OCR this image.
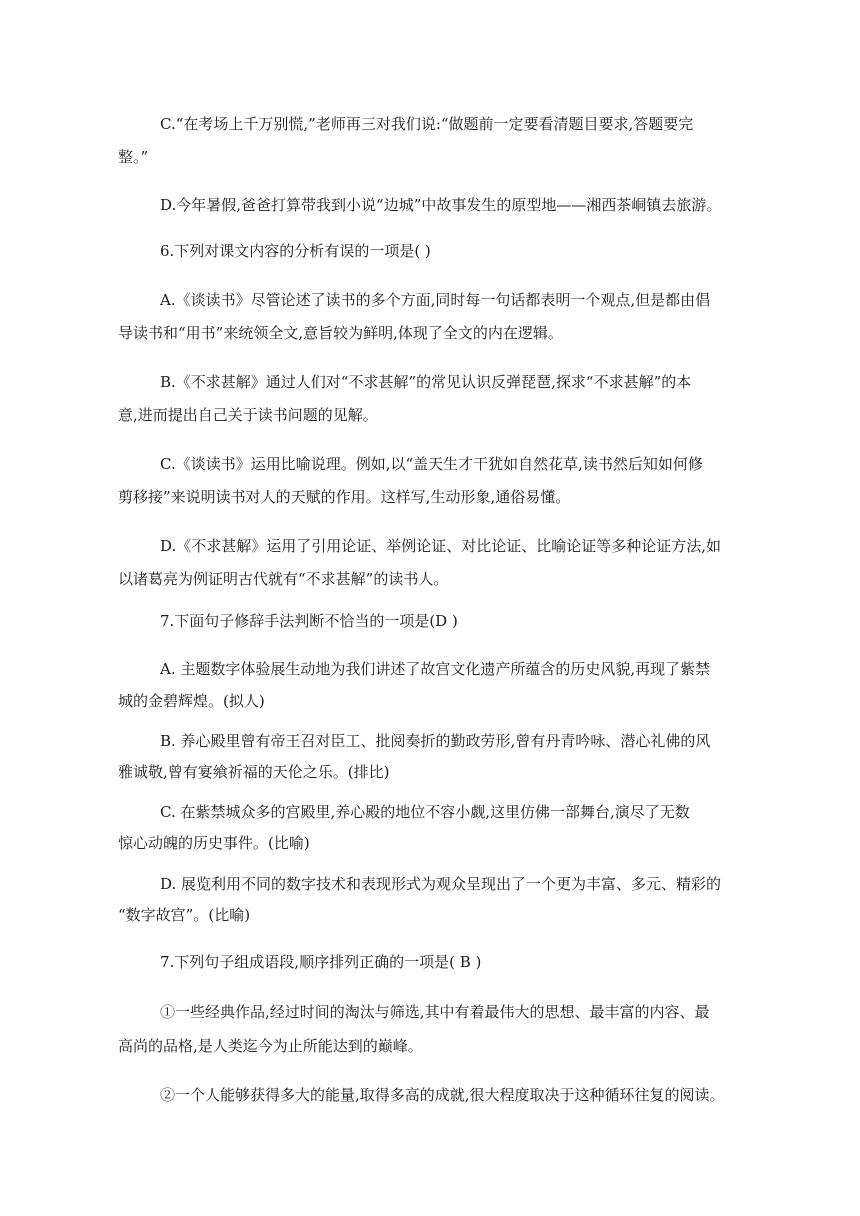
C.“在考场上千万别慌,”老师再三对我们说:“做题前一定要看清题目要求,答题要完

整。”

D.今年暑假,爸爸打算带我到小说“边城”中故事发生的原型地——湘西茶峒镇去旅游。

6.下列对课文内容的分析有误的一项是( )

A.《谈读书》尽管论述了读书的多个方面,同时每一句话都表明一个观点,但是都由倡

导读书和“用书”来统领全文,意旨较为鲜明,体现了全文的内在逻辑。

B.《不求甚解》通过人们对“不求甚解”的常见认识反弹琵琶,探求“不求甚解”的本

意,进而提出自己关于读书问题的见解。

C.《谈读书》运用比喻说理。例如,以“盖天生才干犹如自然花草,读书然后知如何修

剪移接”来说明读书对人的天赋的作用。这样写,生动形象,通俗易懂。

D.《不求甚解》运用了引用论证、举例论证、对比论证、比喻论证等多种论证方法,如

以诸葛亮为例证明古代就有“不求甚解”的读书人。

7.下面句子修辞手法判断不恰当的一项是(D )

A. 主题数字体验展生动地为我们讲述了故宫文化遗产所蕴含的历史风貌,再现了紫禁

城的金碧辉煌。(拟人)

B. 养心殿里曾有帝王召对臣工、批阅奏折的勤政劳形,曾有丹青吟咏、潜心礼佛的风

雅诚敬,曾有宴飨祈福的天伦之乐。(排比)

C. 在紫禁城众多的宫殿里,养心殿的地位不容小觑,这里仿佛一部舞台,演尽了无数

惊心动魄的历史事件。(比喻)

D. 展览利用不同的数字技术和表现形式为观众呈现出了一个更为丰富、多元、精彩的

“数字故宫”。(比喻)

7.下列句子组成语段,顺序排列正确的一项是( B )

①一些经典作品,经过时间的淘汰与筛选,其中有着最伟大的思想、最丰富的内容、最

高尚的品格,是人类迄今为止所能达到的巅峰。

②一个人能够获得多大的能量,取得多高的成就,很大程度取决于这种循环往复的阅读。
